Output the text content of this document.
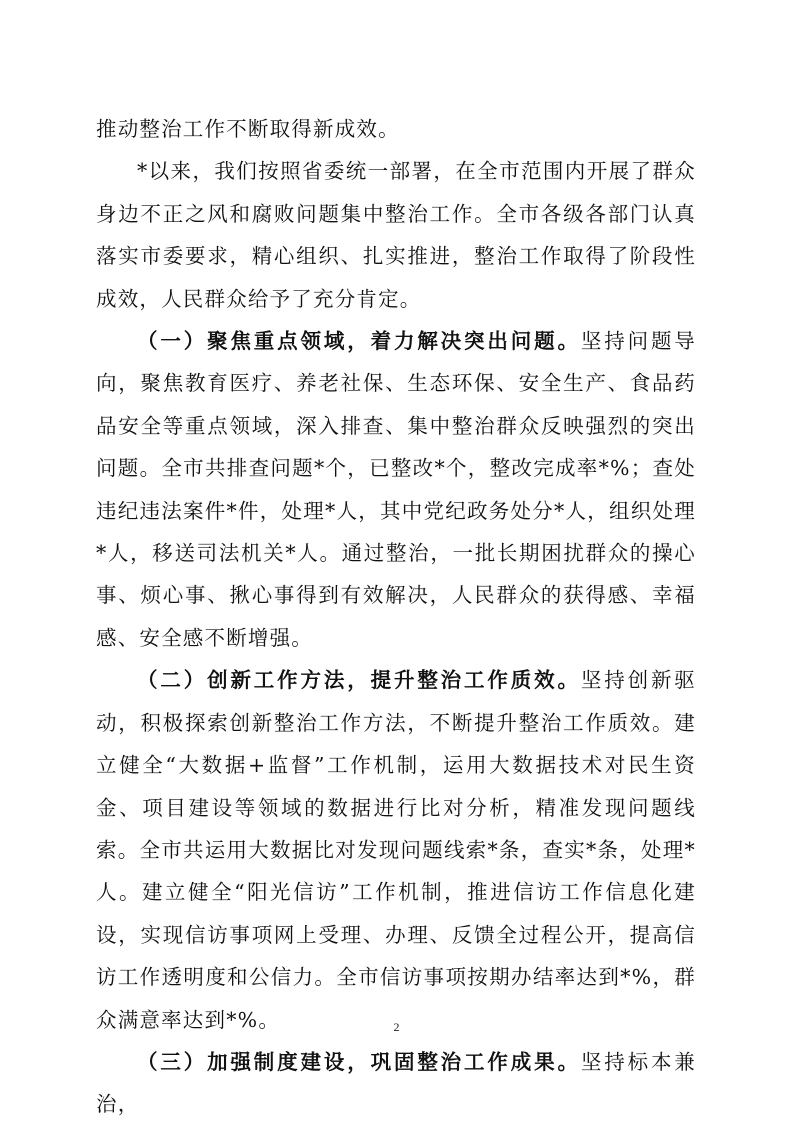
推动整治工作不断取得新成效。

*以来，我们按照省委统一部署，在全市范围内开展了群众身边不正之风和腐败问题集中整治工作。全市各级各部门认真落实市委要求，精心组织、扎实推进，整治工作取得了阶段性成效，人民群众给予了充分肯定。

（一）聚焦重点领域，着力解决突出问题。坚持问题导向，聚焦教育医疗、养老社保、生态环保、安全生产、食品药品安全等重点领域，深入排查、集中整治群众反映强烈的突出问题。全市共排查问题*个，已整改*个，整改完成率*%；查处违纪违法案件*件，处理*人，其中党纪政务处分*人，组织处理*人，移送司法机关*人。通过整治，一批长期困扰群众的操心事、烦心事、揪心事得到有效解决，人民群众的获得感、幸福感、安全感不断增强。

（二）创新工作方法，提升整治工作质效。坚持创新驱动，积极探索创新整治工作方法，不断提升整治工作质效。建立健全“大数据+监督”工作机制，运用大数据技术对民生资金、项目建设等领域的数据进行比对分析，精准发现问题线索。全市共运用大数据比对发现问题线索*条，查实*条，处理*人。建立健全“阳光信访”工作机制，推进信访工作信息化建设，实现信访事项网上受理、办理、反馈全过程公开，提高信访工作透明度和公信力。全市信访事项按期办结率达到*%，群众满意率达到*%。

（三）加强制度建设，巩固整治工作成果。坚持标本兼治，

2
